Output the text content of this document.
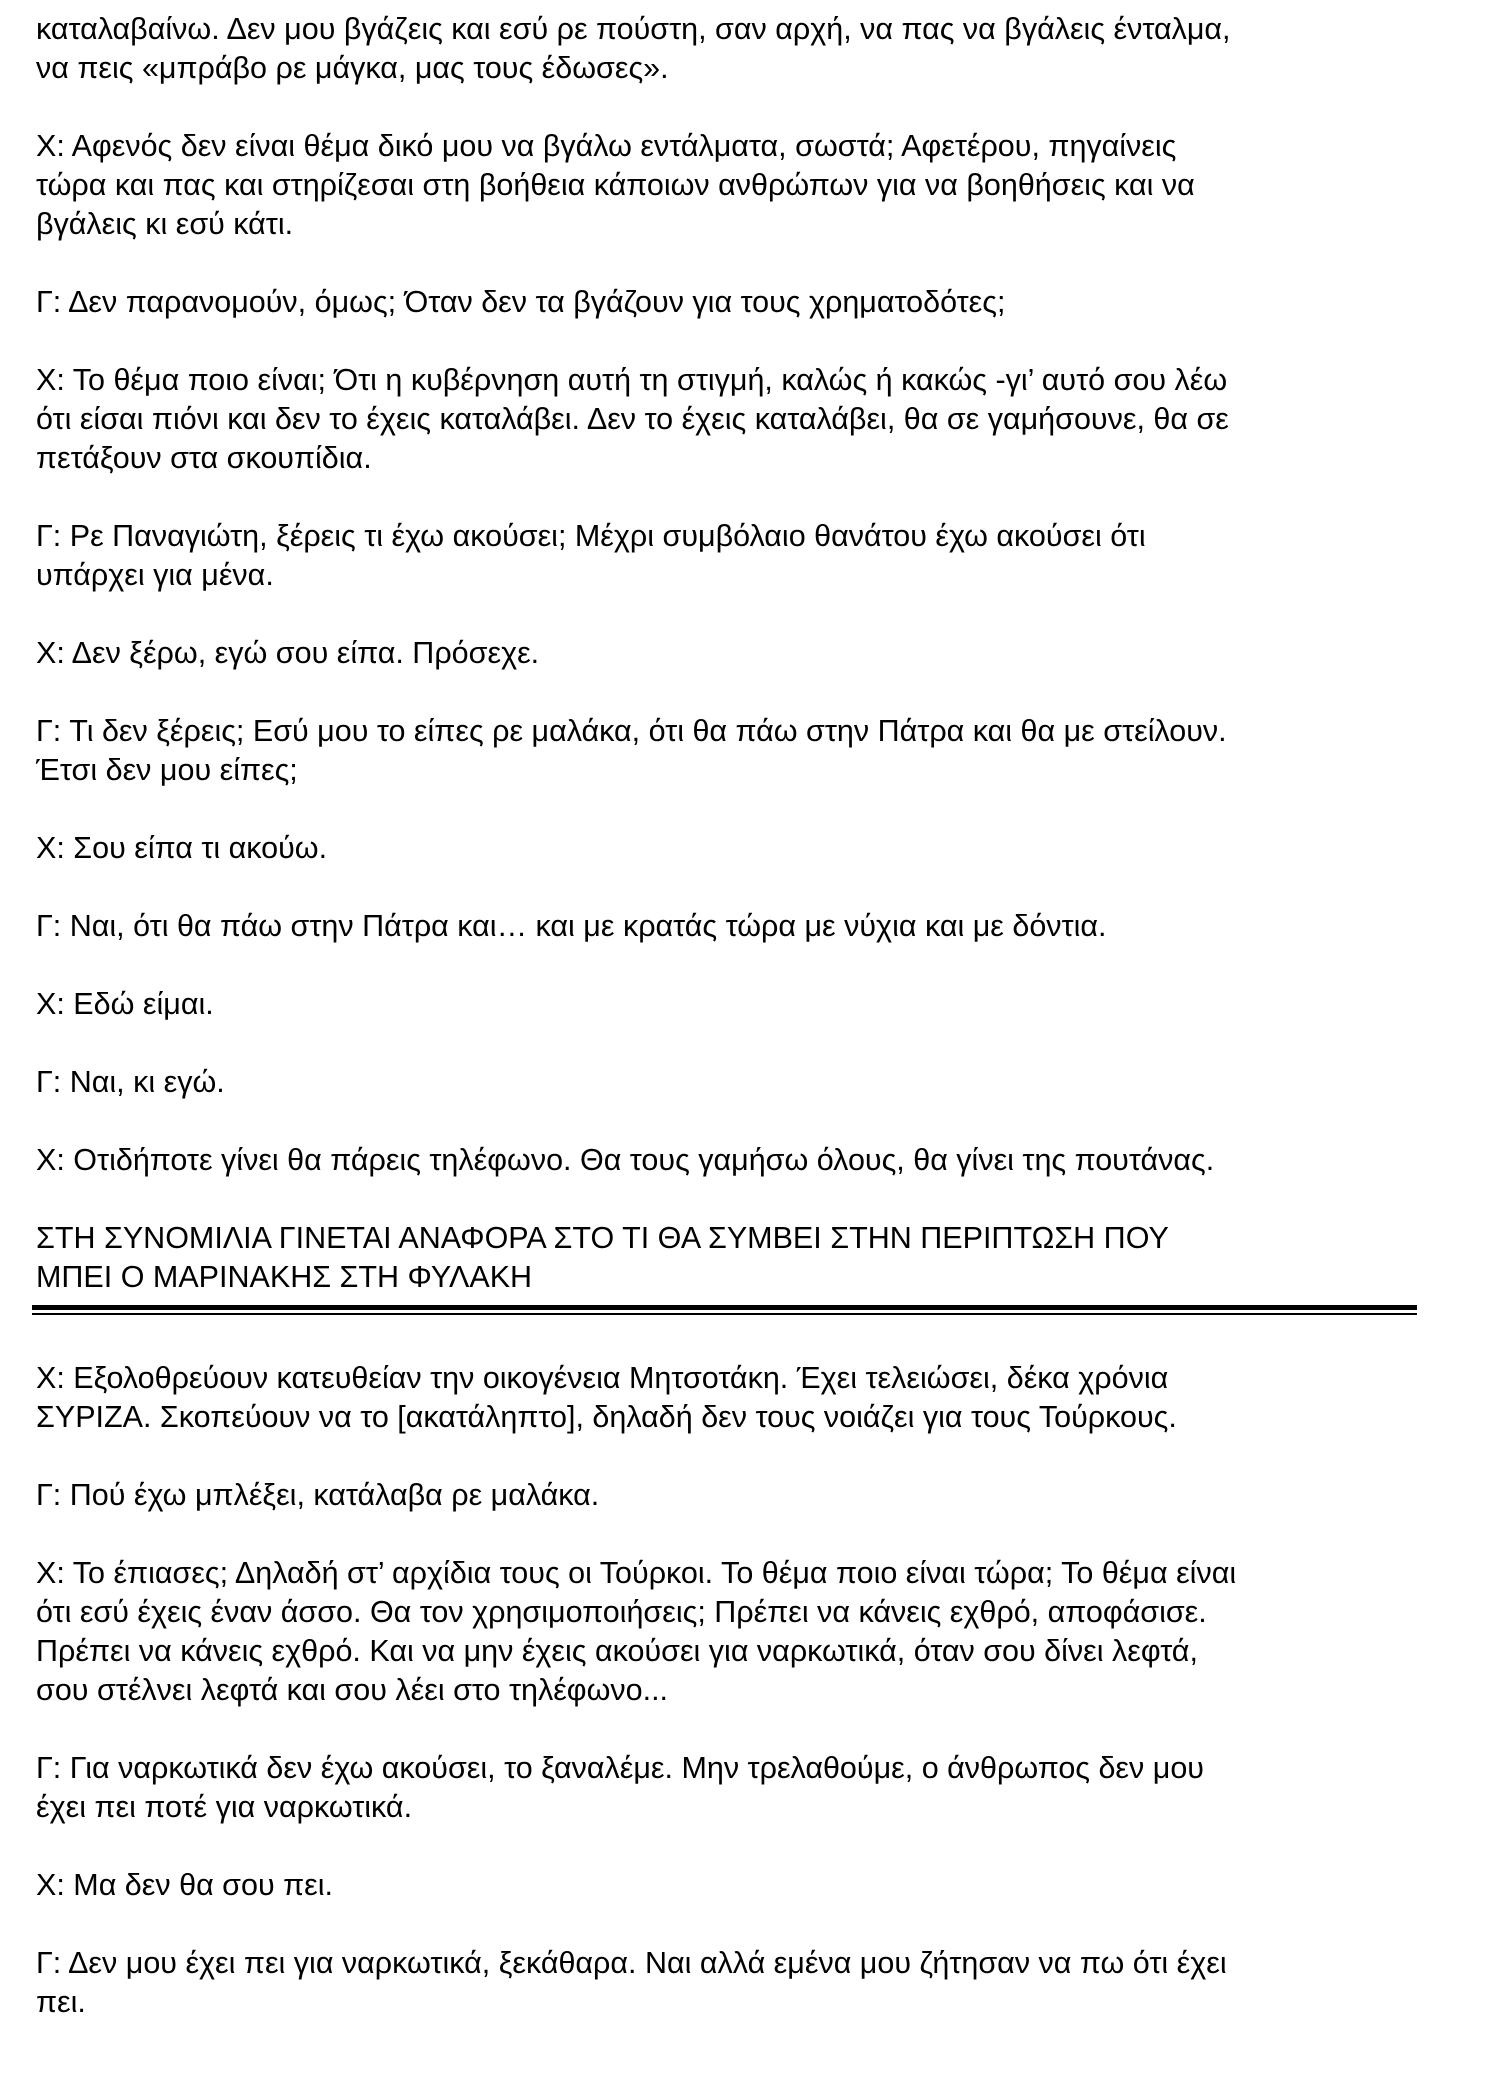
καταλαβαίνω. Δεν μου βγάζεις και εσύ ρε πούστη, σαν αρχή, να πας να βγάλεις ένταλμα,
να πεις «μπράβο ρε μάγκα, μας τους έδωσες».

Χ: Αφενός δεν είναι θέμα δικό μου να βγάλω εντάλματα, σωστά; Αφετέρου, πηγαίνεις
τώρα και πας και στηρίζεσαι στη βοήθεια κάποιων ανθρώπων για να βοηθήσεις και να
βγάλεις κι εσύ κάτι.

Γ: Δεν παρανομούν, όμως; Όταν δεν τα βγάζουν για τους χρηματοδότες;

Χ: Το θέμα ποιο είναι; Ότι η κυβέρνηση αυτή τη στιγμή, καλώς ή κακώς -γι’ αυτό σου λέω
ότι είσαι πιόνι και δεν το έχεις καταλάβει. Δεν το έχεις καταλάβει, θα σε γαμήσουνε, θα σε
πετάξουν στα σκουπίδια.

Γ: Ρε Παναγιώτη, ξέρεις τι έχω ακούσει; Μέχρι συμβόλαιο θανάτου έχω ακούσει ότι
υπάρχει για μένα.

Χ: Δεν ξέρω, εγώ σου είπα. Πρόσεχε.

Γ: Τι δεν ξέρεις; Εσύ μου το είπες ρε μαλάκα, ότι θα πάω στην Πάτρα και θα με στείλουν.
Έτσι δεν μου είπες;

Χ: Σου είπα τι ακούω.

Γ: Ναι, ότι θα πάω στην Πάτρα και… και με κρατάς τώρα με νύχια και με δόντια.

Χ: Εδώ είμαι.

Γ: Ναι, κι εγώ.

Χ: Οτιδήποτε γίνει θα πάρεις τηλέφωνο. Θα τους γαμήσω όλους, θα γίνει της πουτάνας.

ΣΤΗ ΣΥΝΟΜΙΛΙΑ ΓΙΝΕΤΑΙ ΑΝΑΦΟΡΑ ΣΤΟ ΤΙ ΘΑ ΣΥΜΒΕΙ ΣΤΗΝ ΠΕΡΙΠΤΩΣΗ ΠΟΥ
ΜΠΕΙ Ο ΜΑΡΙΝΑΚΗΣ ΣΤΗ ΦΥΛΑΚΗ

Χ: Εξολοθρεύουν κατευθείαν την οικογένεια Μητσοτάκη. Έχει τελειώσει, δέκα χρόνια
ΣΥΡΙΖΑ. Σκοπεύουν να το [ακατάληπτο], δηλαδή δεν τους νοιάζει για τους Τούρκους.

Γ: Πού έχω μπλέξει, κατάλαβα ρε μαλάκα.

Χ: Το έπιασες; Δηλαδή στ’ αρχίδια τους οι Τούρκοι. Το θέμα ποιο είναι τώρα; Το θέμα είναι
ότι εσύ έχεις έναν άσσο. Θα τον χρησιμοποιήσεις; Πρέπει να κάνεις εχθρό, αποφάσισε.
Πρέπει να κάνεις εχθρό. Και να μην έχεις ακούσει για ναρκωτικά, όταν σου δίνει λεφτά,
σου στέλνει λεφτά και σου λέει στο τηλέφωνο...

Γ: Για ναρκωτικά δεν έχω ακούσει, το ξαναλέμε. Μην τρελαθούμε, ο άνθρωπος δεν μου
έχει πει ποτέ για ναρκωτικά.

Χ: Μα δεν θα σου πει.

Γ: Δεν μου έχει πει για ναρκωτικά, ξεκάθαρα. Ναι αλλά εμένα μου ζήτησαν να πω ότι έχει
πει.
